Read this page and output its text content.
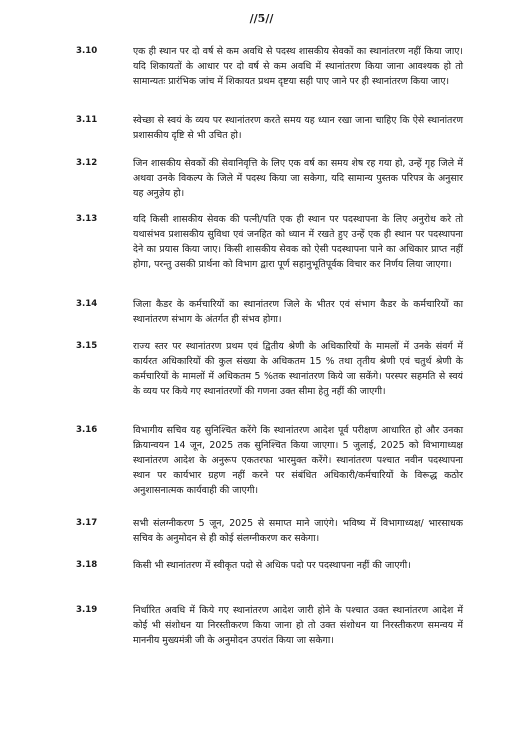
//5//
3.10	एक ही स्थान पर दो वर्ष से कम अवधि से पदस्थ शासकीय सेवकों का स्थानांतरण नहीं किया जाए। यदि शिकायतों के आधार पर दो वर्ष से कम अवधि में स्थानांतरण किया जाना आवश्यक हो तो सामान्यतः प्रारंभिक जांच में शिकायत प्रथम दृष्टया सही पाए जाने पर ही स्थानांतरण किया जाए।
3.11	स्वेच्छा से स्वयं के व्यय पर स्थानांतरण करते समय यह ध्यान रखा जाना चाहिए कि ऐसे स्थानांतरण प्रशासकीय दृष्टि से भी उचित हो।
3.12	जिन शासकीय सेवकों की सेवानिवृत्ति के लिए एक वर्ष का समय शेष रह गया हो, उन्हें गृह जिले में अथवा उनके विकल्प के जिले में पदस्थ किया जा सकेगा, यदि सामान्य पुस्तक परिपत्र के अनुसार यह अनुज्ञेय हो।
3.13	यदि किसी शासकीय सेवक की पत्नी/पति एक ही स्थान पर पदस्थापना के लिए अनुरोध करे तो यथासंभव प्रशासकीय सुविधा एवं जनहित को ध्यान में रखते हुए उन्हें एक ही स्थान पर पदस्थापना देने का प्रयास किया जाए। किसी शासकीय सेवक को ऐसी पदस्थापना पाने का अधिकार प्राप्त नहीं होगा, परन्तु उसकी प्रार्थना को विभाग द्वारा पूर्ण सहानुभूतिपूर्वक विचार कर निर्णय लिया जाएगा।
3.14	जिला कैडर के कर्मचारियों का स्थानांतरण जिले के भीतर एवं संभाग कैडर के कर्मचारियों का स्थानांतरण संभाग के अंतर्गत ही संभव होगा।
3.15	राज्य स्तर पर स्थानांतरण प्रथम एवं द्वितीय श्रेणी के अधिकारियों के मामलों में उनके संवर्ग में कार्यरत अधिकारियों की कुल संख्या के अधिकतम 15 % तथा तृतीय श्रेणी एवं चतुर्थ श्रेणी के कर्मचारियों के मामलों में अधिकतम 5 %तक स्थानांतरण किये जा सकेंगे। परस्पर सहमति से स्वयं के व्यय पर किये गए स्थानांतरणों की गणना उक्त सीमा हेतु नहीं की जाएगी।
3.16	विभागीय सचिव यह सुनिश्चित करेंगे कि स्थानांतरण आदेश पूर्व परीक्षण आधारित हो और उनका क्रियान्वयन 14 जून, 2025 तक सुनिश्चित किया जाएगा। 5 जुलाई, 2025 को विभागाध्यक्ष स्थानांतरण आदेश के अनुरूप एकतरफा भारमुक्त करेंगे। स्थानांतरण पश्चात नवीन पदस्थापना स्थान पर कार्यभार ग्रहण नहीं करने पर संबंधित अधिकारी/कर्मचारियों के विरूद्ध कठोर अनुशासनात्मक कार्यवाही की जाएगी।
3.17	सभी संलग्नीकरण 5 जून, 2025 से समाप्त माने जाएंगे। भविष्य में विभागाध्यक्ष/ भारसाधक सचिव के अनुमोदन से ही कोई संलग्नीकरण कर सकेगा।
3.18	किसी भी स्थानांतरण में स्वीकृत पदो से अधिक पदो पर पदस्थापना नहीं की जाएगी।
3.19	निर्धारित अवधि में किये गए स्थानांतरण आदेश जारी होने के पश्चात उक्त स्थानांतरण आदेश में कोई भी संशोधन या निरस्तीकरण किया जाना हो तो उक्त संशोधन या निरस्तीकरण समन्वय में माननीय मुख्यमंत्री जी के अनुमोदन उपरांत किया जा सकेगा।
